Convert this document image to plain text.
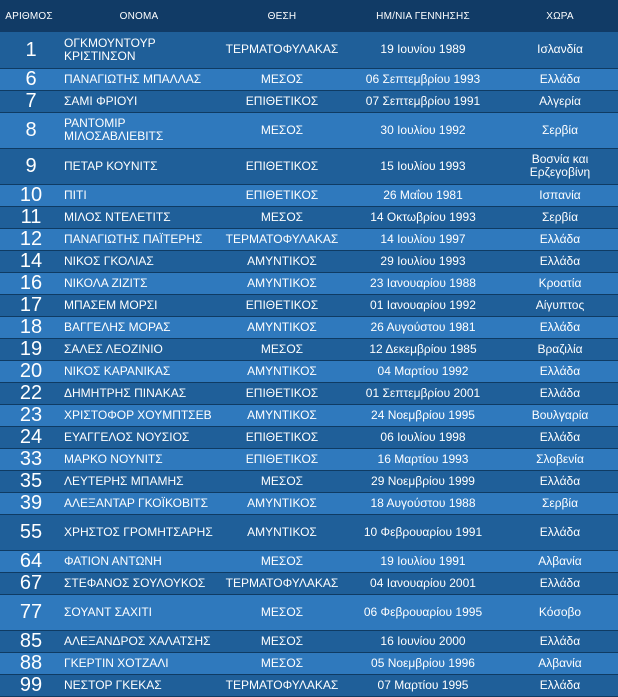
ΑΡΙΘΜΟΣ	ΟΝΟΜΑ	ΘΕΣΗ	ΗΜ/ΝΙΑ ΓΕΝΝΗΣΗΣ	ΧΩΡΑ
1	ΟΓΚΜΟΥΝΤΟΥΡ ΚΡΙΣΤΙΝΣΟΝ	ΤΕΡΜΑΤΟΦΥΛΑΚΑΣ	19 Ιουνίου 1989	Ισλανδία
6	ΠΑΝΑΓΙΩΤΗΣ ΜΠΑΛΛΑΣ	ΜΕΣΟΣ	06 Σεπτεμβρίου 1993	Ελλάδα
7	ΣΑΜΙ ΦΡΙΟΥΙ	ΕΠΙΘΕΤΙΚΟΣ	07 Σεπτεμβρίου 1991	Αλγερία
8	ΡΑΝΤΟΜΙΡ ΜΙΛΟΣΑΒΛΙΕΒΙΤΣ	ΜΕΣΟΣ	30 Ιουλίου 1992	Σερβία
9	ΠΕΤΑΡ ΚΟΥΝΙΤΣ	ΕΠΙΘΕΤΙΚΟΣ	15 Ιουλίου 1993	Βοσνία και Ερζεγοβίνη
10	ΠΙΤΙ	ΕΠΙΘΕΤΙΚΟΣ	26 Μαΐου 1981	Ισπανία
11	ΜΙΛΟΣ ΝΤΕΛΕΤΙΤΣ	ΜΕΣΟΣ	14 Οκτωβρίου 1993	Σερβία
12	ΠΑΝΑΓΙΩΤΗΣ ΠΑΪΤΕΡΗΣ	ΤΕΡΜΑΤΟΦΥΛΑΚΑΣ	14 Ιουλίου 1997	Ελλάδα
14	ΝΙΚΟΣ ΓΚΟΛΙΑΣ	ΑΜΥΝΤΙΚΟΣ	29 Ιουλίου 1993	Ελλάδα
16	ΝΙΚΟΛΑ ΖΙΖΙΤΣ	ΑΜΥΝΤΙΚΟΣ	23 Ιανουαρίου 1988	Κροατία
17	ΜΠΑΣΕΜ ΜΟΡΣΙ	ΕΠΙΘΕΤΙΚΟΣ	01 Ιανουαρίου 1992	Αίγυπτος
18	ΒΑΓΓΕΛΗΣ ΜΟΡΑΣ	ΑΜΥΝΤΙΚΟΣ	26 Αυγούστου 1981	Ελλάδα
19	ΣΑΛΕΣ ΛΕΟΖΙΝΙΟ	ΜΕΣΟΣ	12 Δεκεμβρίου 1985	Βραζιλία
20	ΝΙΚΟΣ ΚΑΡΑΝΙΚΑΣ	ΑΜΥΝΤΙΚΟΣ	04 Μαρτίου 1992	Ελλάδα
22	ΔΗΜΗΤΡΗΣ ΠΙΝΑΚΑΣ	ΕΠΙΘΕΤΙΚΟΣ	01 Σεπτεμβρίου 2001	Ελλάδα
23	ΧΡΙΣΤΟΦΟΡ ΧΟΥΜΠΤΣΕΒ	ΑΜΥΝΤΙΚΟΣ	24 Νοεμβρίου 1995	Βουλγαρία
24	ΕΥΑΓΓΕΛΟΣ ΝΟΥΣΙΟΣ	ΕΠΙΘΕΤΙΚΟΣ	06 Ιουλίου 1998	Ελλάδα
33	ΜΑΡΚΟ ΝΟΥΝΙΤΣ	ΕΠΙΘΕΤΙΚΟΣ	16 Μαρτίου 1993	Σλοβενία
35	ΛΕΥΤΕΡΗΣ ΜΠΑΜΗΣ	ΜΕΣΟΣ	29 Νοεμβρίου 1999	Ελλάδα
39	ΑΛΕΞΑΝΤΑΡ ΓΚΟΪΚΟΒΙΤΣ	ΑΜΥΝΤΙΚΟΣ	18 Αυγούστου 1988	Σερβία
55	ΧΡΗΣΤΟΣ ΓΡΟΜΗΤΣΑΡΗΣ	ΑΜΥΝΤΙΚΟΣ	10 Φεβρουαρίου 1991	Ελλάδα
64	ΦΑΤΙΟΝ ΑΝΤΩΝΗ	ΜΕΣΟΣ	19 Ιουλίου 1991	Αλβανία
67	ΣΤΕΦΑΝΟΣ ΣΟΥΛΟΥΚΟΣ	ΤΕΡΜΑΤΟΦΥΛΑΚΑΣ	04 Ιανουαρίου 2001	Ελλάδα
77	ΣΟΥΑΝΤ ΣΑΧΙΤΙ	ΜΕΣΟΣ	06 Φεβρουαρίου 1995	Κόσοβο
85	ΑΛΕΞΑΝΔΡΟΣ ΧΑΛΑΤΣΗΣ	ΜΕΣΟΣ	16 Ιουνίου 2000	Ελλάδα
88	ΓΚΕΡΤΙΝ ΧΟΤΖΑΛΙ	ΜΕΣΟΣ	05 Νοεμβρίου 1996	Αλβανία
99	ΝΕΣΤΟΡ ΓΚΕΚΑΣ	ΤΕΡΜΑΤΟΦΥΛΑΚΑΣ	07 Μαρτίου 1995	Ελλάδα
